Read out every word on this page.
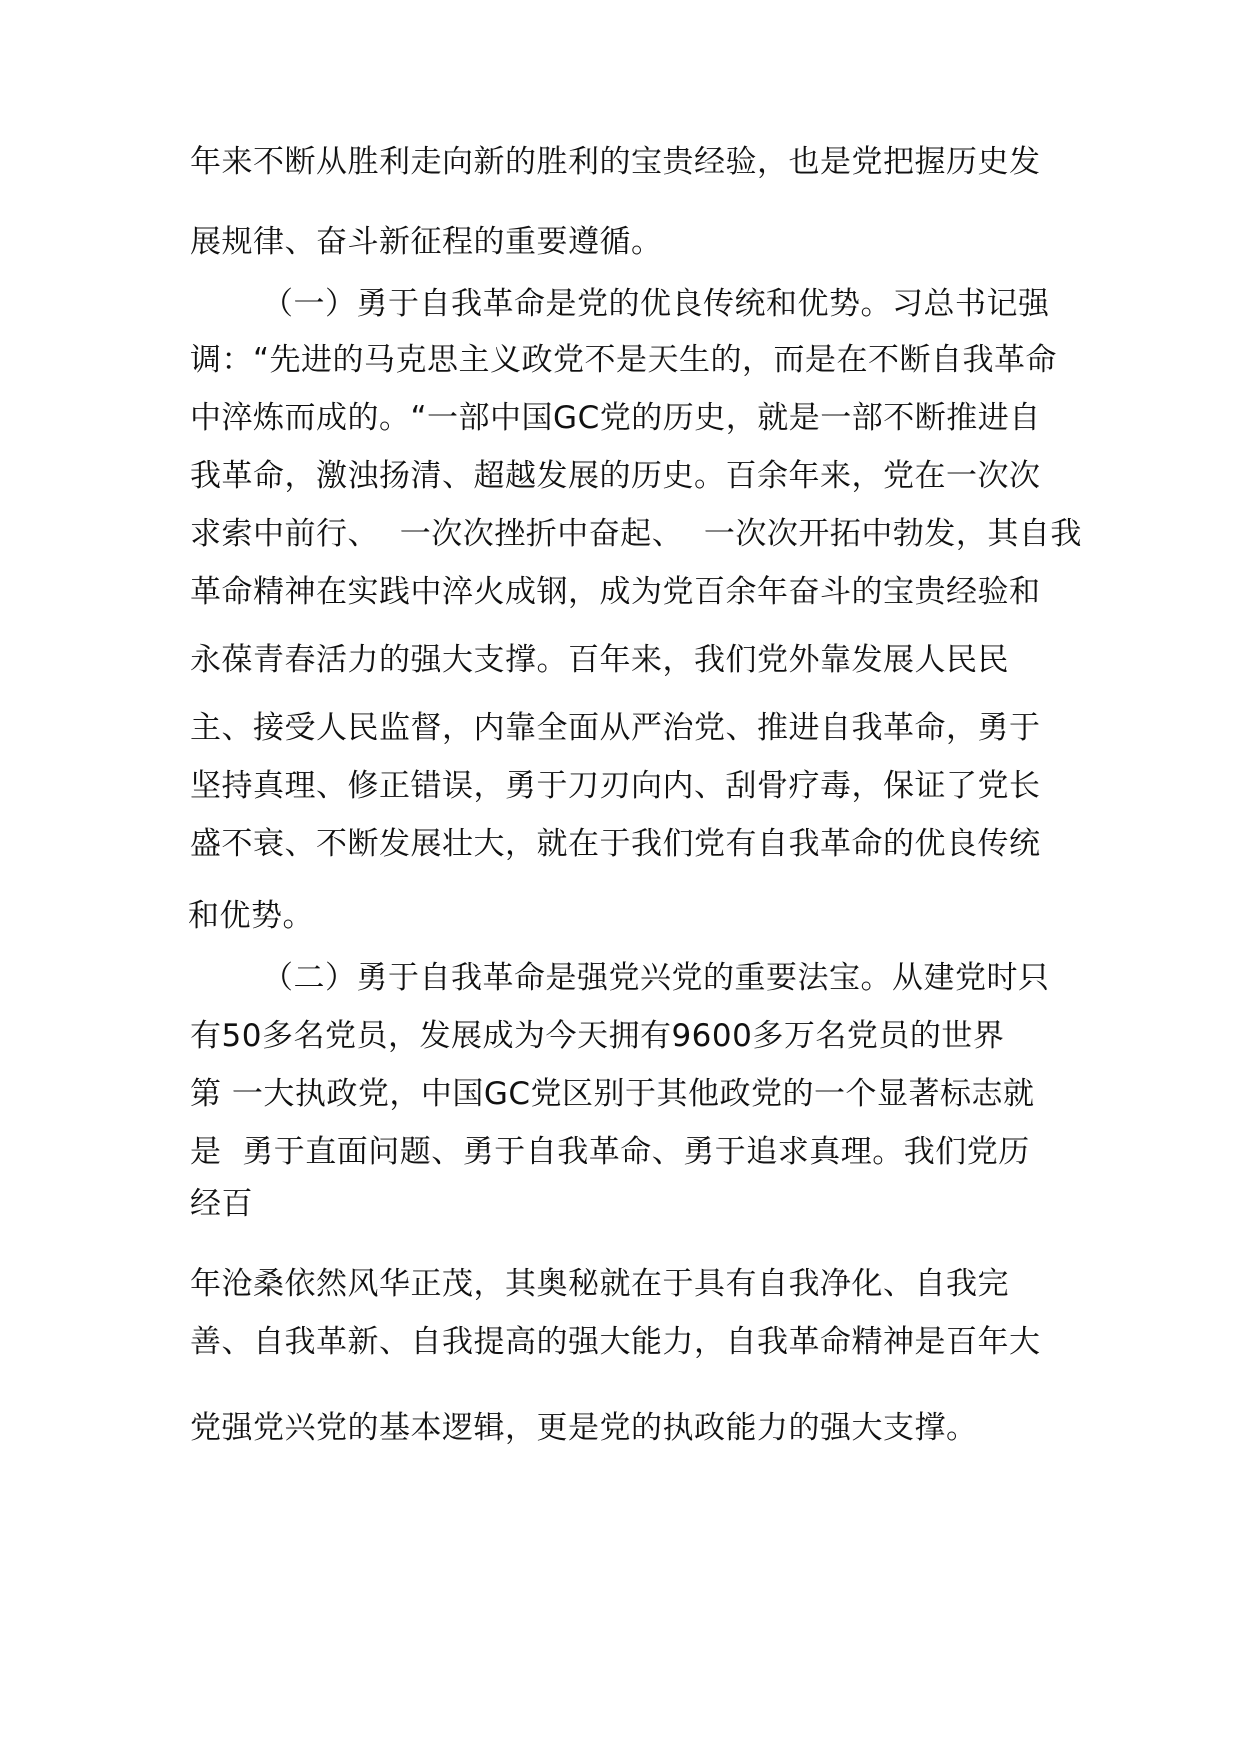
年来不断从胜利走向新的胜利的宝贵经验，也是党把握历史发

展规律、奋斗新征程的重要遵循。

（一）勇于自我革命是党的优良传统和优势。习总书记强

调：“先进的马克思主义政党不是天生的，而是在不断自我革命

中淬炼而成的。“一部中国GC党的历史，就是一部不断推进自

我革命，激浊扬清、超越发展的历史。百余年来，党在一次次

求索中前行、  一次次挫折中奋起、  一次次开拓中勃发，其自我

革命精神在实践中淬火成钢，成为党百余年奋斗的宝贵经验和

永葆青春活力的强大支撑。百年来，我们党外靠发展人民民

主、接受人民监督，内靠全面从严治党、推进自我革命，勇于

坚持真理、修正错误，勇于刀刃向内、刮骨疗毒，保证了党长

盛不衰、不断发展壮大，就在于我们党有自我革命的优良传统

和优势。

（二）勇于自我革命是强党兴党的重要法宝。从建党时只

有50多名党员，发展成为今天拥有9600多万名党员的世界

第 一大执政党，中国GC党区别于其他政党的一个显著标志就

是  勇于直面问题、勇于自我革命、勇于追求真理。我们党历

经百

年沧桑依然风华正茂，其奥秘就在于具有自我净化、自我完

善、自我革新、自我提高的强大能力，自我革命精神是百年大

党强党兴党的基本逻辑，更是党的执政能力的强大支撑。
